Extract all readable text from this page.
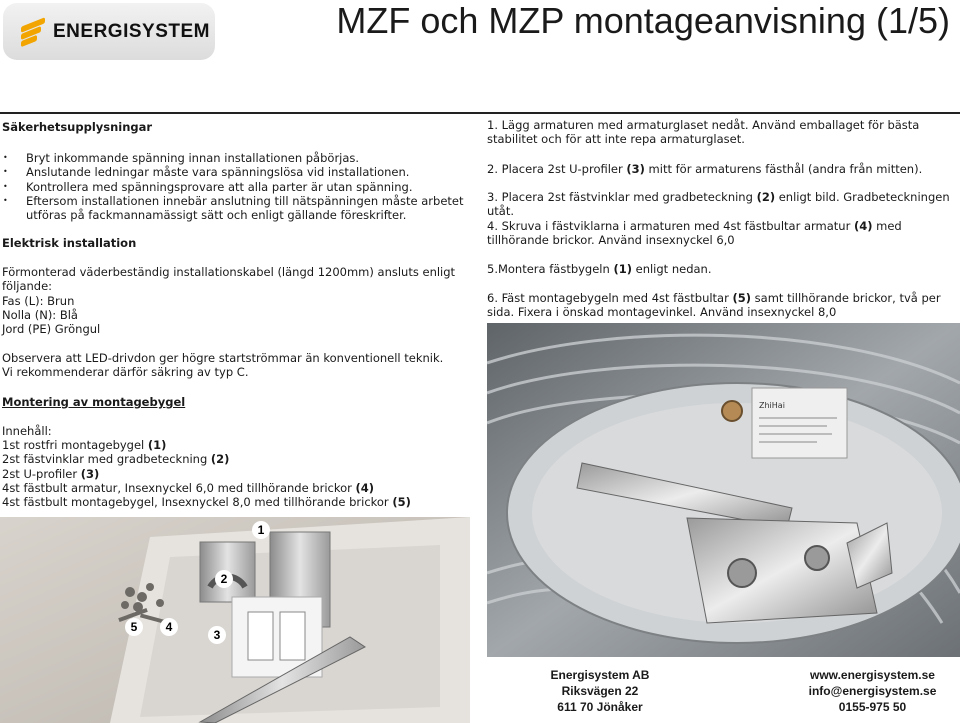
ENERGISYSTEM	MZF och MZP montageanvisning (1/5)
Säkerhetsupplysningar
• Bryt inkommande spänning innan installationen påbörjas.
• Anslutande ledningar måste vara spänningslösa vid installationen.
• Kontrollera med spänningsprovare att alla parter är utan spänning.
• Eftersom installationen innebär anslutning till nätspänningen måste arbetet utföras på fackmannamässigt sätt och enligt gällande föreskrifter.
Elektrisk installation
Förmonterad väderbeständig installationskabel (längd 1200mm) ansluts enligt följande:
Fas (L): Brun
Nolla (N): Blå
Jord (PE) Gröngul
Observera att LED-drivdon ger högre startströmmar än konventionell teknik.
Vi rekommenderar därför säkring av typ C.
Montering av montagebygel
Innehåll:
1st rostfri montagebygel (1)
2st fästvinklar med gradbeteckning (2)
2st U-profiler (3)
4st fästbult armatur, Insexnyckel 6,0 med tillhörande brickor (4)
4st fästbult montagebygel, Insexnyckel 8,0 med tillhörande brickor (5)
1
2
5	4
3
1. Lägg armaturen med armaturglaset nedåt. Använd emballaget för bästa stabilitet och för att inte repa armaturglaset.
2. Placera 2st U-profiler (3) mitt för armaturens fästhål (andra från mitten).
3. Placera 2st fästvinklar med gradbeteckning (2) enligt bild. Gradbeteckningen utåt.
4. Skruva i fästviklarna i armaturen med 4st fästbultar armatur (4) med tillhörande brickor. Använd insexnyckel 6,0
5.Montera fästbygeln (1) enligt nedan.
6. Fäst montagebygeln med 4st fästbultar (5) samt tillhörande brickor, två per sida. Fixera i önskad montagevinkel. Använd insexnyckel 8,0
ZhiHai
Energisystem AB
Riksvägen 22
611 70 Jönåker
www.energisystem.se
info@energisystem.se
0155-975 50
